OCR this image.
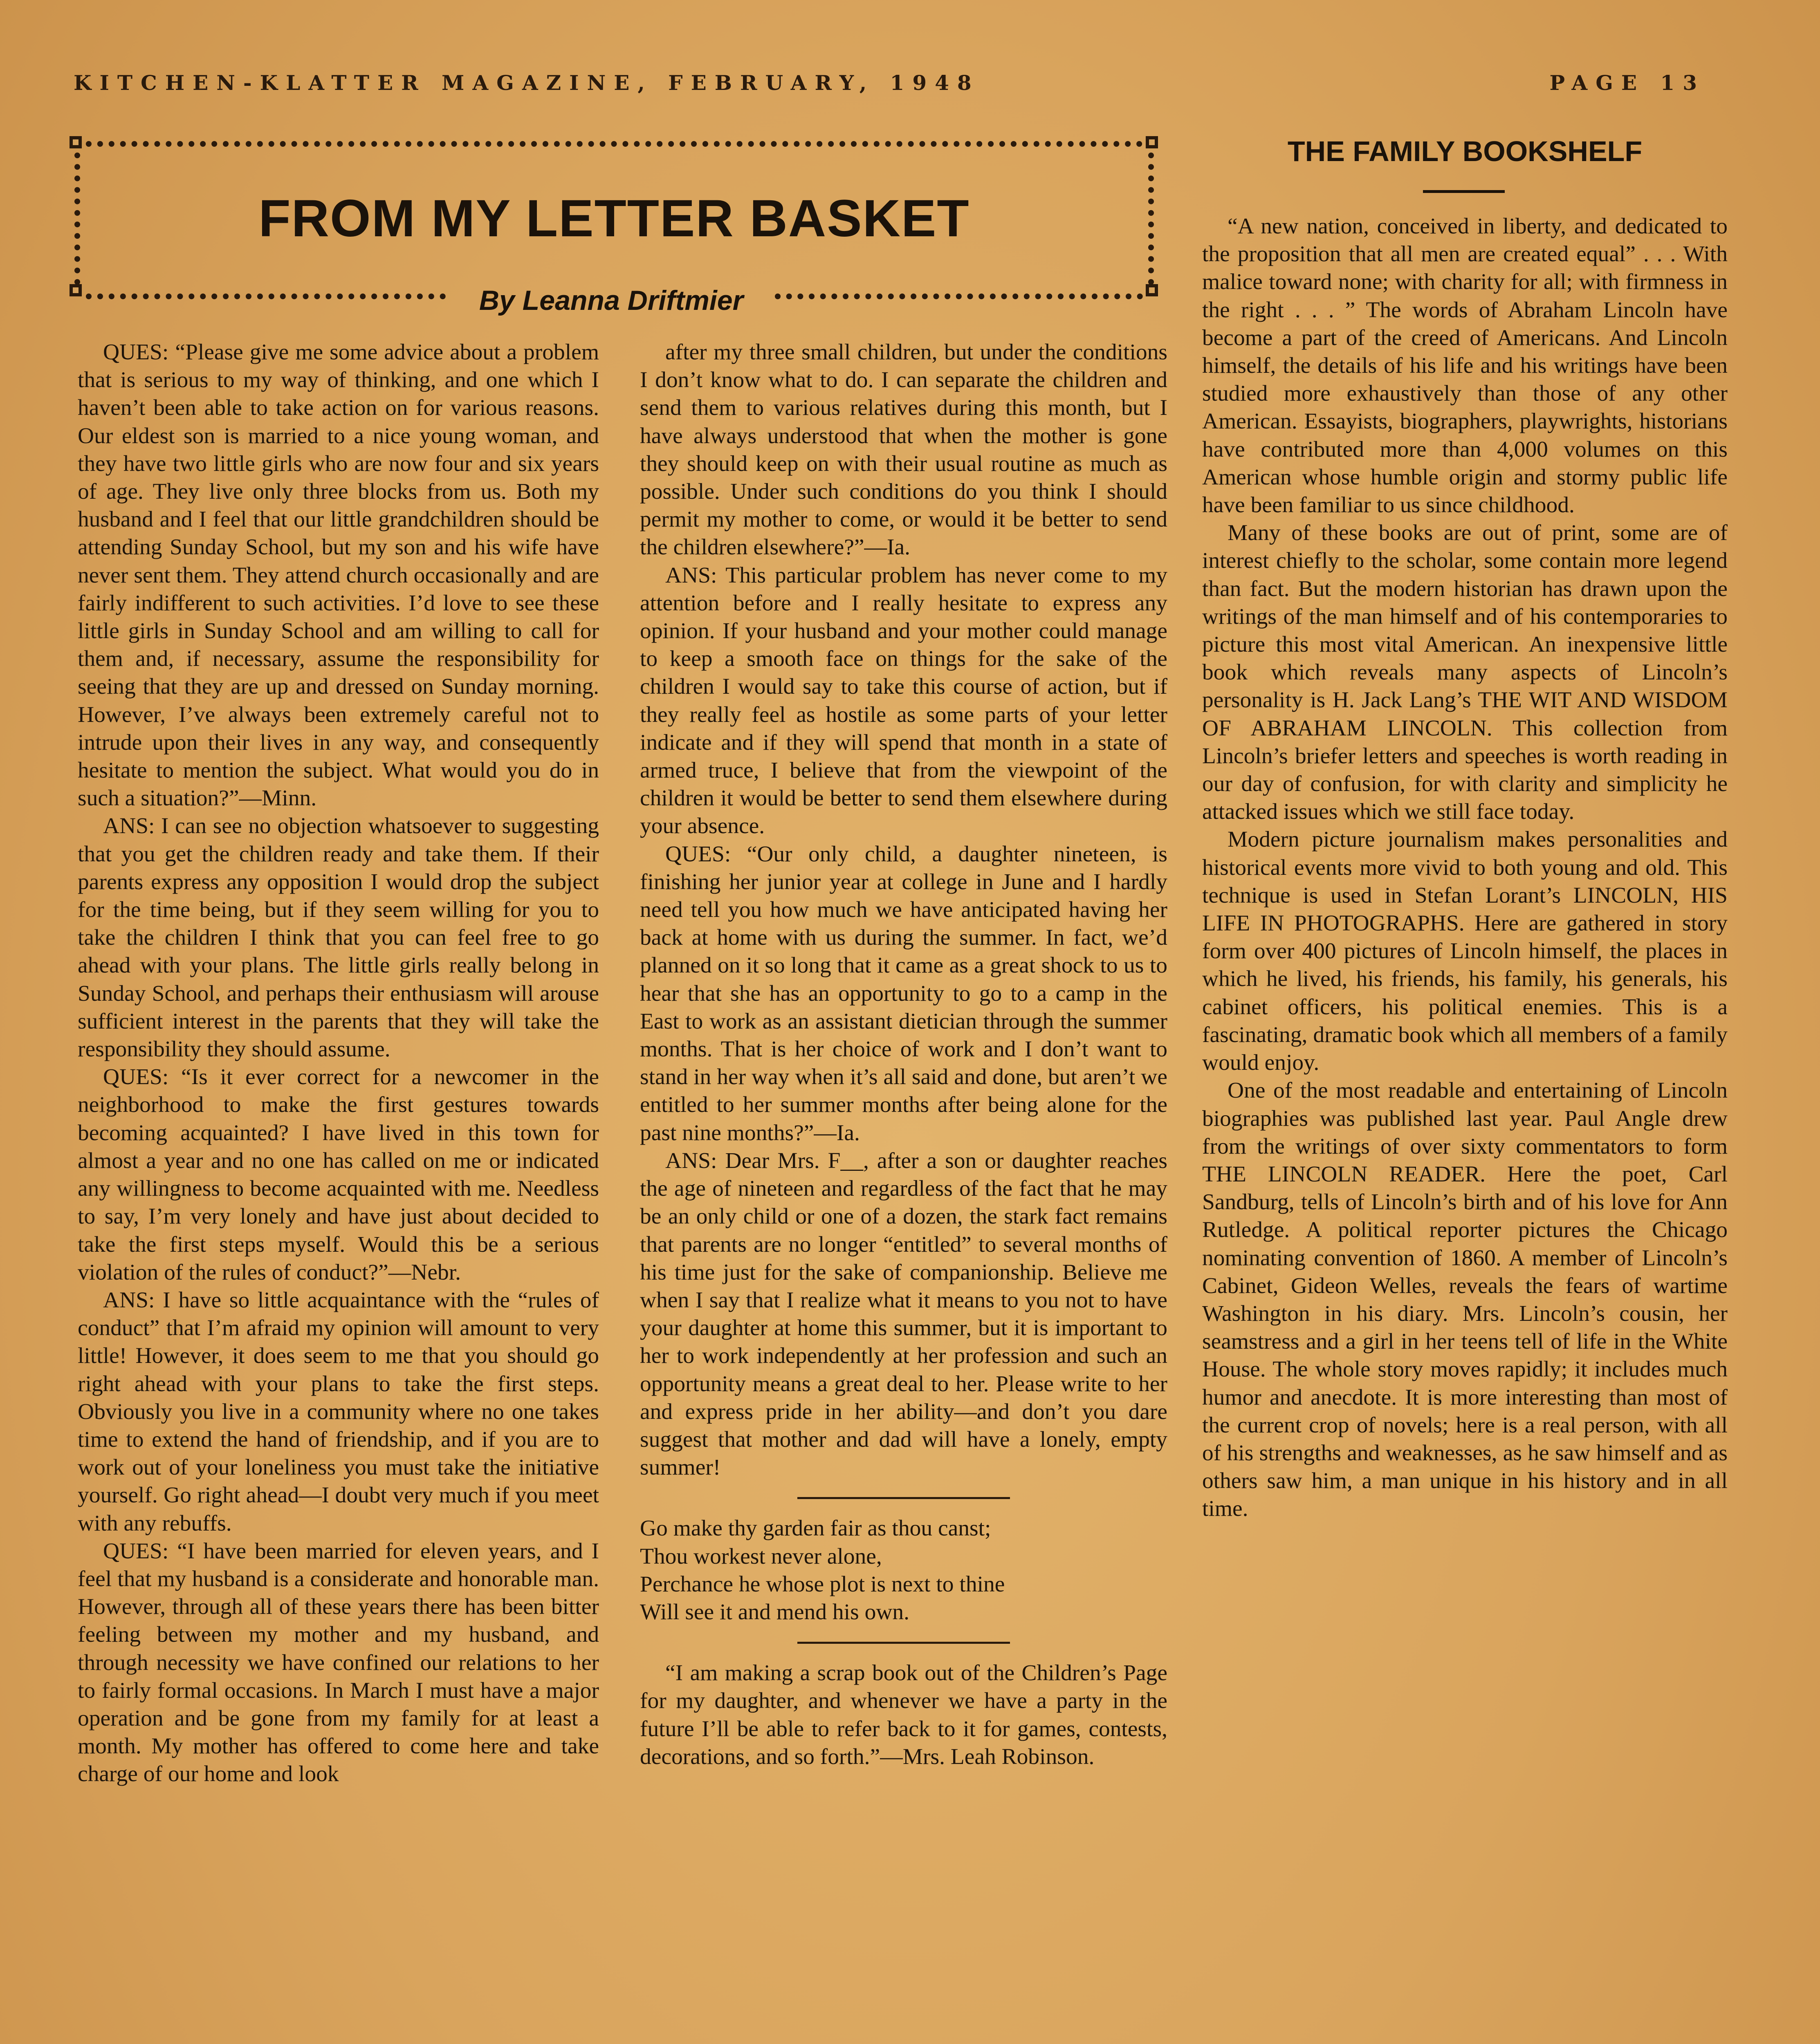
KITCHEN-KLATTER MAGAZINE, FEBRUARY, 1948	PAGE 13
FROM MY LETTER BASKET
By Leanna Driftmier

QUES: “Please give me some advice about a problem that is serious to my way of thinking, and one which I haven’t been able to take action on for various reasons. Our eldest son is married to a nice young woman, and they have two little girls who are now four and six years of age. They live only three blocks from us. Both my husband and I feel that our little grandchildren should be attending Sunday School, but my son and his wife have never sent them. They attend church occasionally and are fairly indifferent to such activities. I’d love to see these little girls in Sunday School and am willing to call for them and, if necessary, assume the responsibility for seeing that they are up and dressed on Sunday morning. However, I’ve always been extremely careful not to intrude upon their lives in any way, and consequently hesitate to mention the subject. What would you do in such a situation?”—Minn.

ANS: I can see no objection whatsoever to suggesting that you get the children ready and take them. If their parents express any opposition I would drop the subject for the time being, but if they seem willing for you to take the children I think that you can feel free to go ahead with your plans. The little girls really belong in Sunday School, and perhaps their enthusiasm will arouse sufficient interest in the parents that they will take the responsibility they should assume.

QUES: “Is it ever correct for a newcomer in the neighborhood to make the first gestures towards becoming acquainted? I have lived in this town for almost a year and no one has called on me or indicated any willingness to become acquainted with me. Needless to say, I’m very lonely and have just about decided to take the first steps myself. Would this be a serious violation of the rules of conduct?”—Nebr.

ANS: I have so little acquaintance with the “rules of conduct” that I’m afraid my opinion will amount to very little! However, it does seem to me that you should go right ahead with your plans to take the first steps. Obviously you live in a community where no one takes time to extend the hand of friendship, and if you are to work out of your loneliness you must take the initiative yourself. Go right ahead—I doubt very much if you meet with any rebuffs.

QUES: “I have been married for eleven years, and I feel that my husband is a considerate and honorable man. However, through all of these years there has been bitter feeling between my mother and my husband, and through necessity we have confined our relations to her to fairly formal occasions. In March I must have a major operation and be gone from my family for at least a month. My mother has offered to come here and take charge of our home and look

after my three small children, but under the conditions I don’t know what to do. I can separate the children and send them to various relatives during this month, but I have always understood that when the mother is gone they should keep on with their usual routine as much as possible. Under such conditions do you think I should permit my mother to come, or would it be better to send the children elsewhere?”—Ia.

ANS: This particular problem has never come to my attention before and I really hesitate to express any opinion. If your husband and your mother could manage to keep a smooth face on things for the sake of the children I would say to take this course of action, but if they really feel as hostile as some parts of your letter indicate and if they will spend that month in a state of armed truce, I believe that from the viewpoint of the children it would be better to send them elsewhere during your absence.

QUES: “Our only child, a daughter nineteen, is finishing her junior year at college in June and I hardly need tell you how much we have anticipated having her back at home with us during the summer. In fact, we’d planned on it so long that it came as a great shock to us to hear that she has an opportunity to go to a camp in the East to work as an assistant dietician through the summer months. That is her choice of work and I don’t want to stand in her way when it’s all said and done, but aren’t we entitled to her summer months after being alone for the past nine months?”—Ia.

ANS: Dear Mrs. F__, after a son or daughter reaches the age of nineteen and regardless of the fact that he may be an only child or one of a dozen, the stark fact remains that parents are no longer “entitled” to several months of his time just for the sake of companionship. Believe me when I say that I realize what it means to you not to have your daughter at home this summer, but it is important to her to work independently at her profession and such an opportunity means a great deal to her. Please write to her and express pride in her ability—and don’t you dare suggest that mother and dad will have a lonely, empty summer!

Go make thy garden fair as thou canst;
Thou workest never alone,
Perchance he whose plot is next to thine
Will see it and mend his own.

“I am making a scrap book out of the Children’s Page for my daughter, and whenever we have a party in the future I’ll be able to refer back to it for games, contests, decorations, and so forth.”—Mrs. Leah Robinson.

THE FAMILY BOOKSHELF

“A new nation, conceived in liberty, and dedicated to the proposition that all men are created equal” . . . With malice toward none; with charity for all; with firmness in the right . . . ” The words of Abraham Lincoln have become a part of the creed of Americans. And Lincoln himself, the details of his life and his writings have been studied more exhaustively than those of any other American. Essayists, biographers, playwrights, historians have contributed more than 4,000 volumes on this American whose humble origin and stormy public life have been familiar to us since childhood.

Many of these books are out of print, some are of interest chiefly to the scholar, some contain more legend than fact. But the modern historian has drawn upon the writings of the man himself and of his contemporaries to picture this most vital American. An inexpensive little book which reveals many aspects of Lincoln’s personality is H. Jack Lang’s THE WIT AND WISDOM OF ABRAHAM LINCOLN. This collection from Lincoln’s briefer letters and speeches is worth reading in our day of confusion, for with clarity and simplicity he attacked issues which we still face today.

Modern picture journalism makes personalities and historical events more vivid to both young and old. This technique is used in Stefan Lorant’s LINCOLN, HIS LIFE IN PHOTOGRAPHS. Here are gathered in story form over 400 pictures of Lincoln himself, the places in which he lived, his friends, his family, his generals, his cabinet officers, his political enemies. This is a fascinating, dramatic book which all members of a family would enjoy.

One of the most readable and entertaining of Lincoln biographies was published last year. Paul Angle drew from the writings of over sixty commentators to form THE LINCOLN READER. Here the poet, Carl Sandburg, tells of Lincoln’s birth and of his love for Ann Rutledge. A political reporter pictures the Chicago nominating convention of 1860. A member of Lincoln’s Cabinet, Gideon Welles, reveals the fears of wartime Washington in his diary. Mrs. Lincoln’s cousin, her seamstress and a girl in her teens tell of life in the White House. The whole story moves rapidly; it includes much humor and anecdote. It is more interesting than most of the current crop of novels; here is a real person, with all of his strengths and weaknesses, as he saw himself and as others saw him, a man unique in his history and in all time.
